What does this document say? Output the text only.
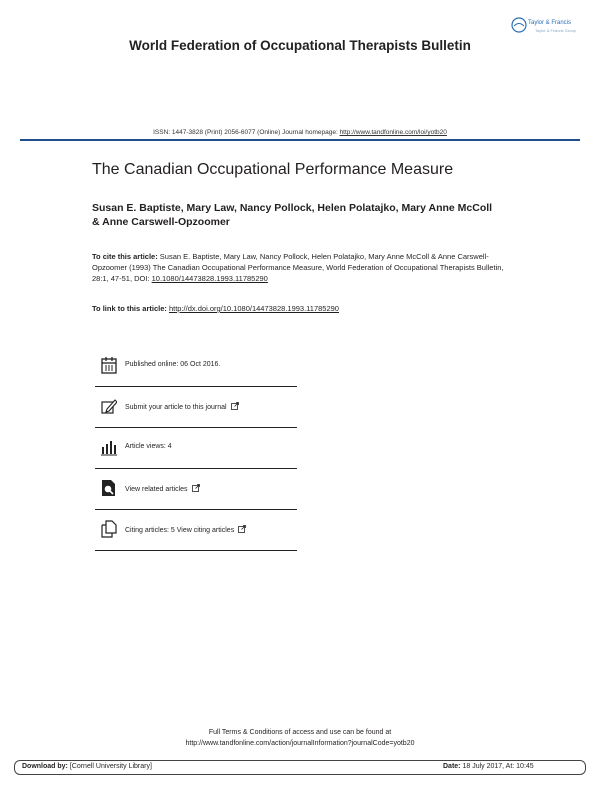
Taylor & Francis
Taylor & Francis Group
World Federation of Occupational Therapists Bulletin
ISSN: 1447-3828 (Print) 2056-6077 (Online) Journal homepage: http://www.tandfonline.com/loi/yotb20
The Canadian Occupational Performance Measure
Susan E. Baptiste, Mary Law, Nancy Pollock, Helen Polatajko, Mary Anne McColl & Anne Carswell-Opzoomer
To cite this article: Susan E. Baptiste, Mary Law, Nancy Pollock, Helen Polatajko, Mary Anne McColl & Anne Carswell-Opzoomer (1993) The Canadian Occupational Performance Measure, World Federation of Occupational Therapists Bulletin, 28:1, 47-51, DOI: 10.1080/14473828.1993.11785290
To link to this article: http://dx.doi.org/10.1080/14473828.1993.11785290
Published online: 06 Oct 2016.
Submit your article to this journal
Article views: 4
View related articles
Citing articles: 5 View citing articles
Full Terms & Conditions of access and use can be found at
http://www.tandfonline.com/action/journalInformation?journalCode=yotb20
Download by: [Cornell University Library]	Date: 18 July 2017, At: 10:45
